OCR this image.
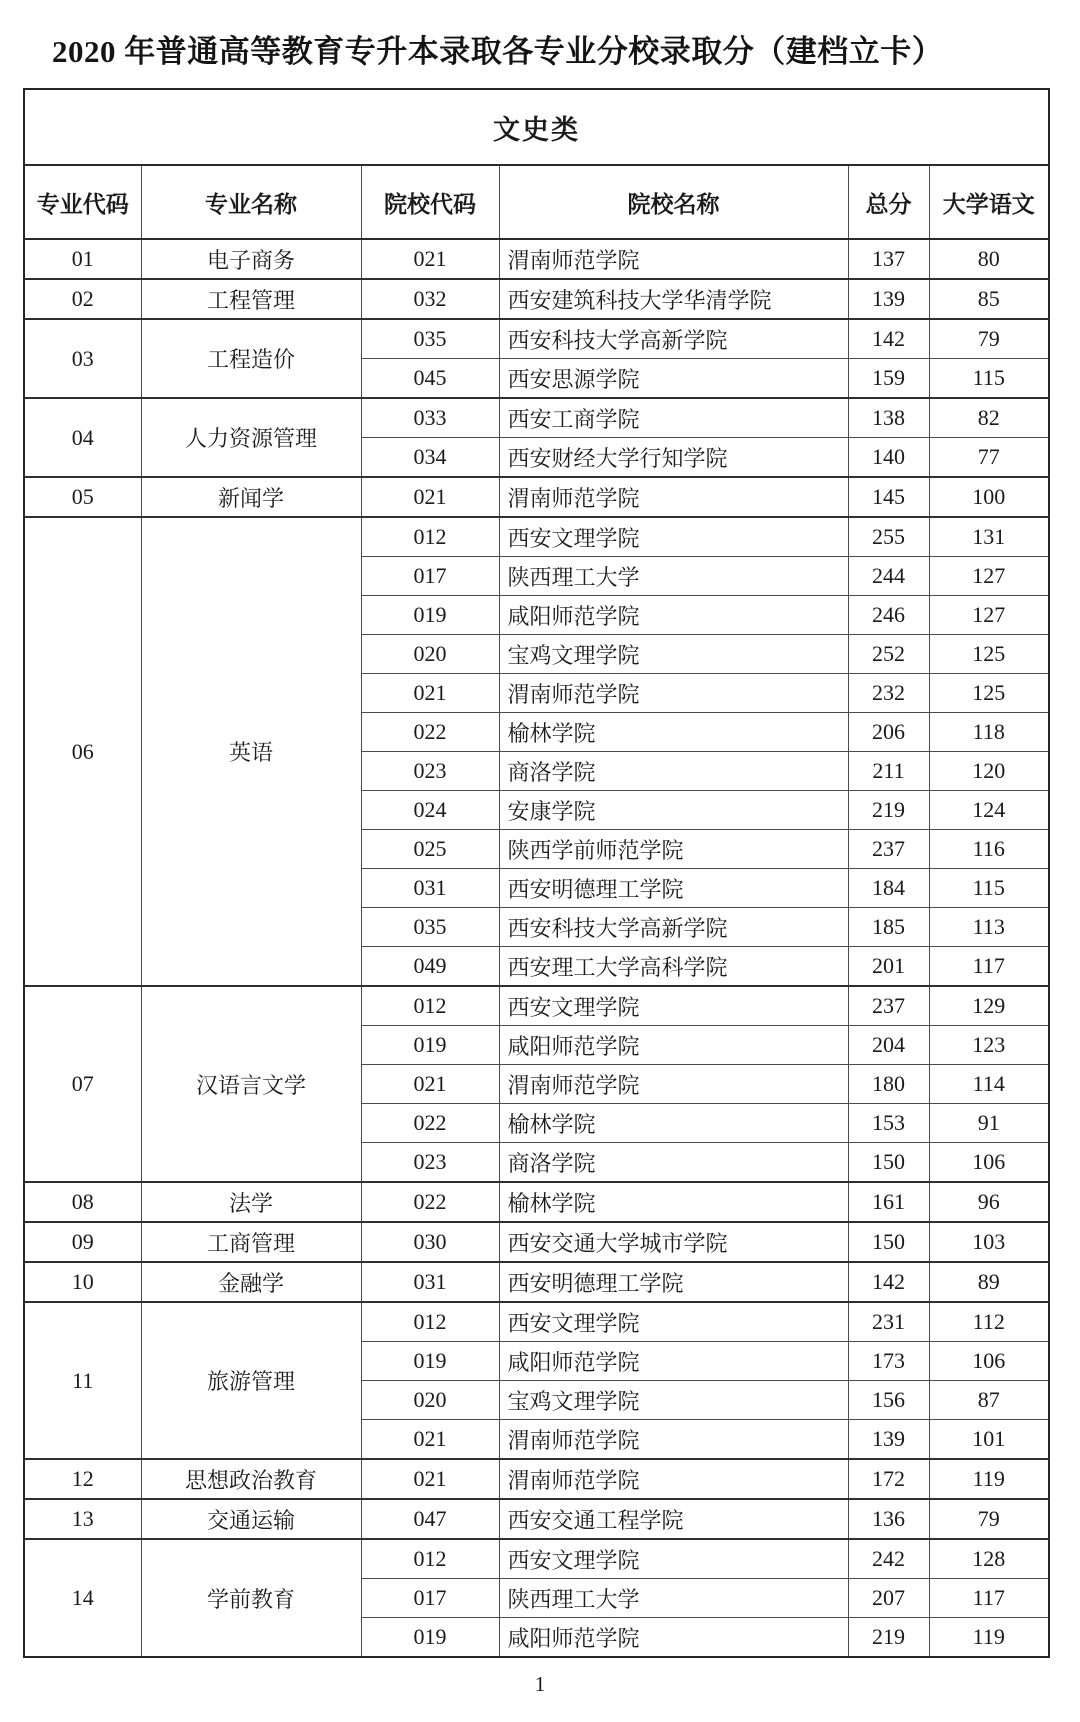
2020 年普通高等教育专升本录取各专业分校录取分（建档立卡）
文史类					
专业代码	专业名称	院校代码	院校名称	总分	大学语文
01	电子商务	021	渭南师范学院	137	80
02	工程管理	032	西安建筑科技大学华清学院	139	85
03	工程造价	035	西安科技大学高新学院	142	79
		045	西安思源学院	159	115
04	人力资源管理	033	西安工商学院	138	82
		034	西安财经大学行知学院	140	77
05	新闻学	021	渭南师范学院	145	100
06	英语	012	西安文理学院	255	131
		017	陕西理工大学	244	127
		019	咸阳师范学院	246	127
		020	宝鸡文理学院	252	125
		021	渭南师范学院	232	125
		022	榆林学院	206	118
		023	商洛学院	211	120
		024	安康学院	219	124
		025	陕西学前师范学院	237	116
		031	西安明德理工学院	184	115
		035	西安科技大学高新学院	185	113
		049	西安理工大学高科学院	201	117
07	汉语言文学	012	西安文理学院	237	129
		019	咸阳师范学院	204	123
		021	渭南师范学院	180	114
		022	榆林学院	153	91
		023	商洛学院	150	106
08	法学	022	榆林学院	161	96
09	工商管理	030	西安交通大学城市学院	150	103
10	金融学	031	西安明德理工学院	142	89
11	旅游管理	012	西安文理学院	231	112
		019	咸阳师范学院	173	106
		020	宝鸡文理学院	156	87
		021	渭南师范学院	139	101
12	思想政治教育	021	渭南师范学院	172	119
13	交通运输	047	西安交通工程学院	136	79
14	学前教育	012	西安文理学院	242	128
		017	陕西理工大学	207	117
		019	咸阳师范学院	219	119
1
